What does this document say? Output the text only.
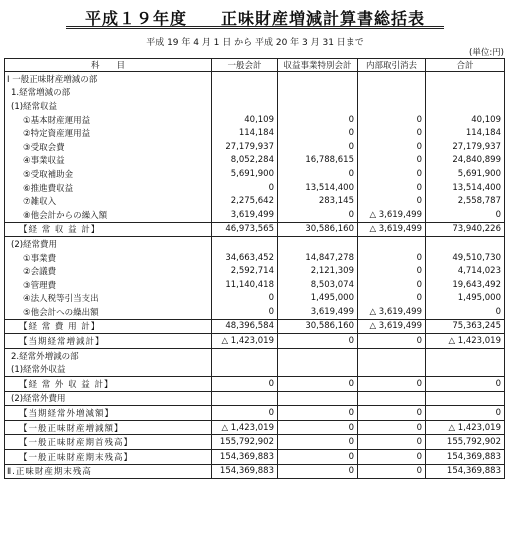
平成１９年度　　正味財産増減計算書総括表
平成 19 年 4 月 1 日 から 平成 20 年 3 月 31 日まで
(単位:円)
科　　目	一般会計	収益事業特別会計	内部取引消去	合計
Ⅰ 一般正味財産増減の部				
1.経常増減の部				
(1)経常収益				
①基本財産運用益	40,109	0	0	40,109
②特定資産運用益	114,184	0	0	114,184
③受取会費	27,179,937	0	0	27,179,937
④事業収益	8,052,284	16,788,615	0	24,840,899
⑤受取補助金	5,691,900	0	0	5,691,900
⑥推進費収益	0	13,514,400	0	13,514,400
⑦雑収入	2,275,642	283,145	0	2,558,787
⑧他会計からの繰入額	3,619,499	0	△ 3,619,499	0
【経 常 収 益 計】	46,973,565	30,586,160	△ 3,619,499	73,940,226
(2)経常費用				
①事業費	34,663,452	14,847,278	0	49,510,730
②会議費	2,592,714	2,121,309	0	4,714,023
③管理費	11,140,418	8,503,074	0	19,643,492
④法人税等引当支出	0	1,495,000	0	1,495,000
⑤他会計への繰出額	0	3,619,499	△ 3,619,499	0
【経 常 費 用 計】	48,396,584	30,586,160	△ 3,619,499	75,363,245
【当期経常増減計】	△ 1,423,019	0	0	△ 1,423,019
2.経常外増減の部				
(1)経常外収益				
【経 常 外 収 益 計】	0	0	0	0
(2)経常外費用				
【当期経常外増減額】	0	0	0	0
【一般正味財産増減額】	△ 1,423,019	0	0	△ 1,423,019
【一般正味財産期首残高】	155,792,902	0	0	155,792,902
【一般正味財産期末残高】	154,369,883	0	0	154,369,883
Ⅱ.正味財産期末残高	154,369,883	0	0	154,369,883
